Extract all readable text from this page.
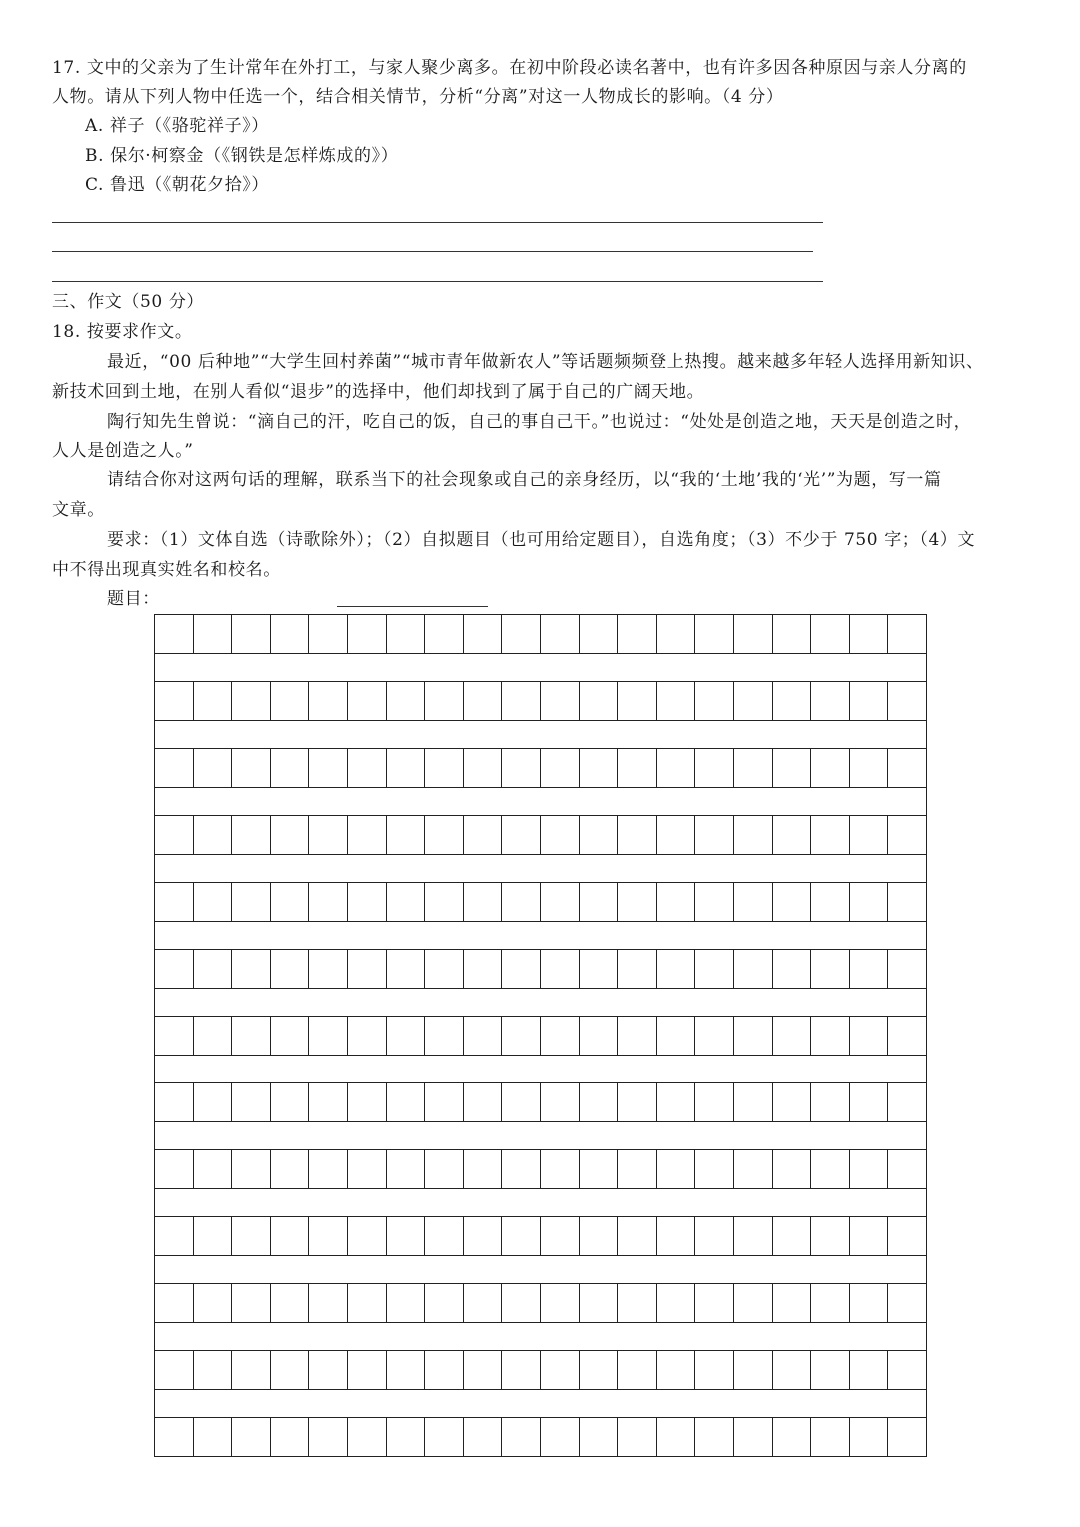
17. 文中的父亲为了生计常年在外打工，与家人聚少离多。在初中阶段必读名著中，也有许多因各种原因与亲人分离的
人物。请从下列人物中任选一个，结合相关情节，分析“分离”对这一人物成长的影响。（4 分）
A. 祥子（《骆驼祥子》）
B. 保尔·柯察金（《钢铁是怎样炼成的》）
C. 鲁迅（《朝花夕拾》）
三、作文（50 分）
18. 按要求作文。
最近，“00 后种地”“大学生回村养菌”“城市青年做新农人”等话题频频登上热搜。越来越多年轻人选择用新知识、
新技术回到土地，在别人看似“退步”的选择中，他们却找到了属于自己的广阔天地。
陶行知先生曾说：“滴自己的汗，吃自己的饭，自己的事自己干。”也说过：“处处是创造之地，天天是创造之时，
人人是创造之人。”
请结合你对这两句话的理解，联系当下的社会现象或自己的亲身经历，以“我的‘土地’我的‘光’”为题，写一篇
文章。
要求：（1）文体自选（诗歌除外）；（2）自拟题目（也可用给定题目），自选角度；（3）不少于 750 字；（4）文
中不得出现真实姓名和校名。
题目：
